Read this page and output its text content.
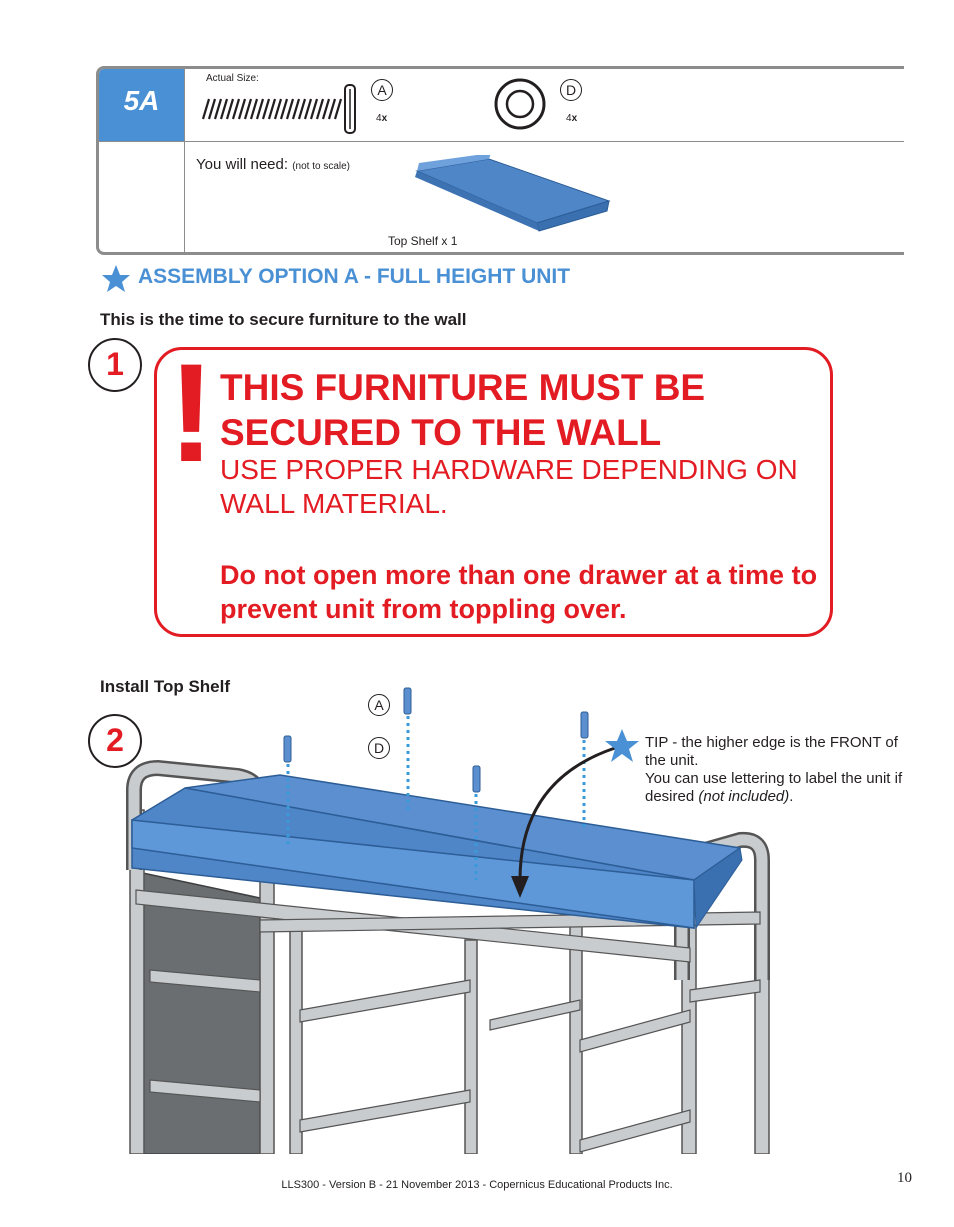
5A
Actual Size:
A
4x
D
4x
You will need: (not to scale)
Top Shelf x 1
ASSEMBLY OPTION A - FULL HEIGHT UNIT
This is the time to secure furniture to the wall
1 ! THIS FURNITURE MUST BE SECURED TO THE WALL
USE PROPER HARDWARE DEPENDING ON WALL MATERIAL.
Do not open more than one drawer at a time to prevent unit from toppling over.
Install Top Shelf
2
A
D	TIP - the higher edge is the FRONT of the unit.
You can use lettering to label the unit if desired (not included).
LLS300 - Version B - 21 November 2013 - Copernicus Educational Products Inc.	10
